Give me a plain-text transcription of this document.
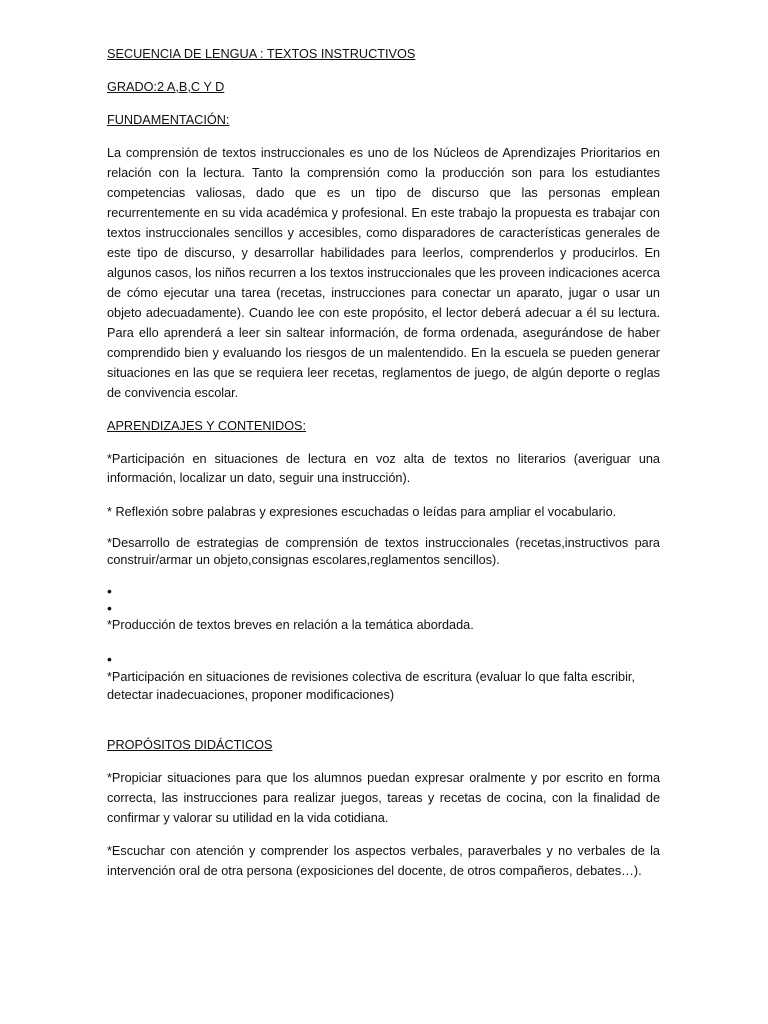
SECUENCIA DE LENGUA : TEXTOS INSTRUCTIVOS

GRADO:2 A,B,C Y D

FUNDAMENTACIÓN:

La comprensión de textos instruccionales es uno de los Núcleos de Aprendizajes Prioritarios en relación con la lectura. Tanto la comprensión como la producción son para los estudiantes competencias valiosas, dado que es un tipo de discurso que las personas emplean recurrentemente en su vida académica y profesional. En este trabajo la propuesta es trabajar con textos instruccionales sencillos y accesibles, como disparadores de características generales de este tipo de discurso, y desarrollar habilidades para leerlos, comprenderlos y producirlos. En algunos casos, los niños recurren a los textos instruccionales que les proveen indicaciones acerca de cómo ejecutar una tarea (recetas, instrucciones para conectar un aparato, jugar o usar un objeto adecuadamente). Cuando lee con este propósito, el lector deberá adecuar a él su lectura. Para ello aprenderá a leer sin saltear información, de forma ordenada, asegurándose de haber comprendido bien y evaluando los riesgos de un malentendido. En la escuela se pueden generar situaciones en las que se requiera leer recetas, reglamentos de juego, de algún deporte o reglas de convivencia escolar.

APRENDIZAJES Y CONTENIDOS:

*Participación en situaciones de lectura en voz alta de textos no literarios (averiguar una información, localizar un dato, seguir una instrucción).

* Reflexión sobre palabras y expresiones escuchadas o leídas para ampliar el vocabulario.

*Desarrollo de estrategias de comprensión de textos instruccionales (recetas,instructivos para construir/armar un objeto,consignas escolares,reglamentos sencillos).

•
•

*Producción de textos breves en relación a la temática abordada.

•

*Participación en situaciones de revisiones colectiva de escritura (evaluar lo que falta escribir, detectar inadecuaciones, proponer modificaciones)

PROPÓSITOS DIDÁCTICOS

*Propiciar situaciones para que los alumnos puedan expresar oralmente y por escrito en forma correcta, las instrucciones para realizar juegos, tareas y recetas de cocina, con la finalidad de confirmar y valorar su utilidad en la vida cotidiana.

*Escuchar con atención y comprender los aspectos verbales, paraverbales y no verbales de la intervención oral de otra persona (exposiciones del docente, de otros compañeros, debates…).
